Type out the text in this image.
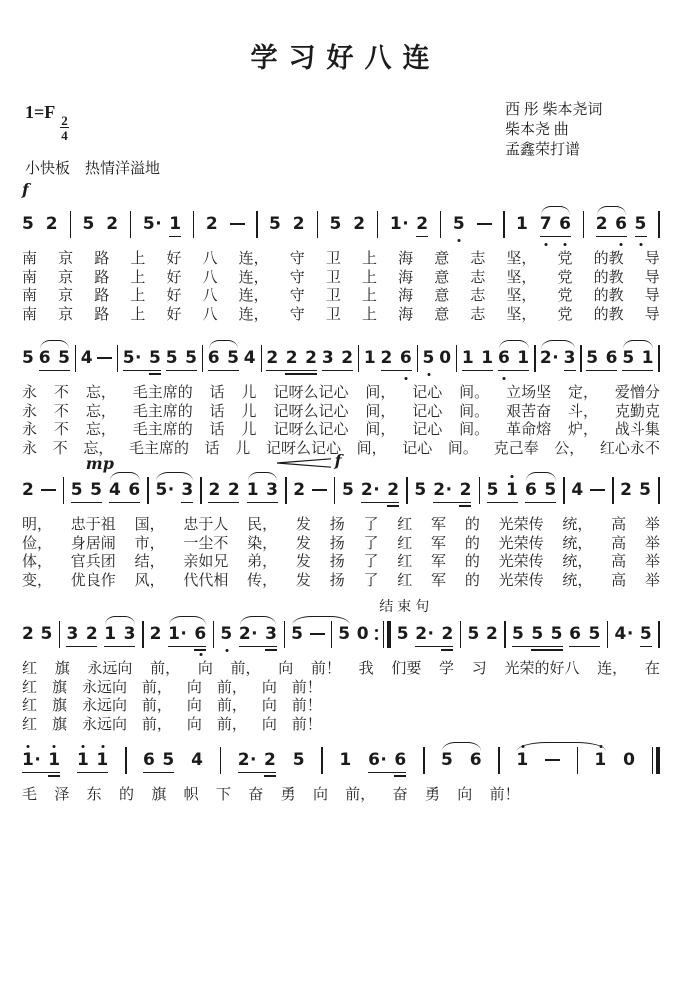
学习好八连
1=F
$\frac{2}{4}$
西 彤 柴本尧词
柴本尧 曲
孟鑫荣打谱
小快板　热情洋溢地
5 2 5 2 5· 1 2	5 2 5 2 1· 2 5	1 7 6 2 6 5
f
南 京 路 上 好 八 连， 守 卫 上 海 意 志 坚， 党 的教 导
南 京 路 上 好 八 连， 守 卫 上 海 意 志 坚， 党 的教 导
南 京 路 上 好 八 连， 守 卫 上 海 意 志 坚， 党 的教 导
南 京 路 上 好 八 连， 守 卫 上 海 意 志 坚， 党 的教 导
5 6 5 4 5· 5 5 5 6 5 4 2 2 2 3 2 1 2 6 5 0 1 1 6 1 2· 3 5 6 5 1
永 不 忘， 毛主席的 话 儿 记呀么记心 间， 记心 间。 立场坚 定， 爱憎分
永 不 忘， 毛主席的 话 儿 记呀么记心 间， 记心 间。 艰苦奋 斗， 克勤克
永 不 忘， 毛主席的 话 儿 记呀么记心 间， 记心 间。 革命熔 炉， 战斗集
永 不 忘， 毛主席的 话 儿 记呀么记心 间， 记心 间。 克己奉 公， 红心永不
2 5 5 4 6 5· 3 2 2 1 3 2 5 2· 2 5 2· 2 5 1 6 5 4 2 5
mp	f
明， 忠于祖 国， 忠于人 民， 发 扬 了 红 军 的 光荣传 统， 高 举
俭， 身居闹 市， 一尘不 染， 发 扬 了 红 军 的 光荣传 统， 高 举
体， 官兵团 结， 亲如兄 弟， 发 扬 了 红 军 的 光荣传 统， 高 举
变， 优良作 风， 代代相 传， 发 扬 了 红 军 的 光荣传 统， 高 举
2 5 3 2 1 3 2 1· 6 5 2· 3 5 5 0 5 2· 2 5 2 5 5 5 6 5 4· 5
结束句
红 旗 永远向 前， 向 前， 向 前！ 我 们要 学 习 光荣的好八 连， 在
红 旗 永远向 前， 向 前， 向 前！
红 旗 永远向 前， 向 前， 向 前！
红 旗 永远向 前， 向 前， 向 前！
1· 1 1 1 6 5 4 2· 2 5 1 6· 6 5 6 1	1 0
毛 泽 东 的 旗 帜 下 奋 勇 向 前， 奋 勇 向 前！
